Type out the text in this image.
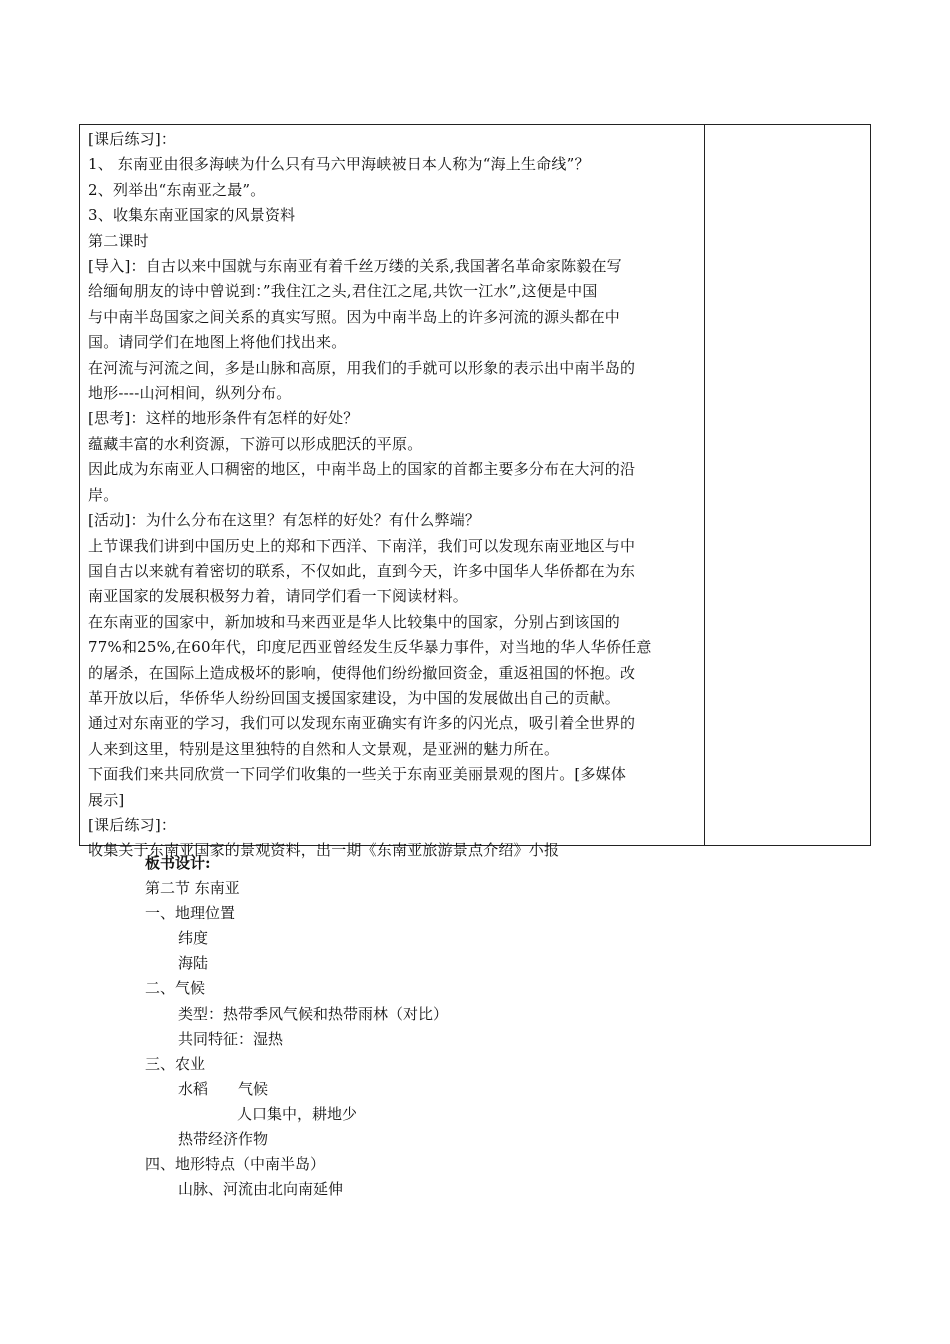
[课后练习]：

1、 东南亚由很多海峡为什么只有马六甲海峡被日本人称为“海上生命线”？

2、列举出“东南亚之最”。

3、收集东南亚国家的风景资料

第二课时

[导入]：自古以来中国就与东南亚有着千丝万缕的关系,我国著名革命家陈毅在写

给缅甸朋友的诗中曾说到：”我住江之头,君住江之尾,共饮一江水”,这便是中国

与中南半岛国家之间关系的真实写照。因为中南半岛上的许多河流的源头都在中

国。请同学们在地图上将他们找出来。

在河流与河流之间，多是山脉和高原，用我们的手就可以形象的表示出中南半岛的

地形----山河相间，纵列分布。

[思考]：这样的地形条件有怎样的好处？

蕴藏丰富的水利资源，下游可以形成肥沃的平原。

因此成为东南亚人口稠密的地区，中南半岛上的国家的首都主要多分布在大河的沿

岸。

[活动]：为什么分布在这里？有怎样的好处？有什么弊端？

上节课我们讲到中国历史上的郑和下西洋、下南洋，我们可以发现东南亚地区与中

国自古以来就有着密切的联系，不仅如此，直到今天，许多中国华人华侨都在为东

南亚国家的发展积极努力着，请同学们看一下阅读材料。

在东南亚的国家中，新加坡和马来西亚是华人比较集中的国家，分别占到该国的

77%和25%,在60年代，印度尼西亚曾经发生反华暴力事件，对当地的华人华侨任意

的屠杀，在国际上造成极坏的影响，使得他们纷纷撤回资金，重返祖国的怀抱。改

革开放以后，华侨华人纷纷回国支援国家建设，为中国的发展做出自己的贡献。

通过对东南亚的学习，我们可以发现东南亚确实有许多的闪光点，吸引着全世界的

人来到这里，特别是这里独特的自然和人文景观，是亚洲的魅力所在。

下面我们来共同欣赏一下同学们收集的一些关于东南亚美丽景观的图片。[多媒体

展示]

[课后练习]：

收集关于东南亚国家的景观资料，出一期《东南亚旅游景点介绍》小报

板书设计:

第二节 东南亚

一、地理位置

纬度

海陆

二、气候

类型：热带季风气候和热带雨林（对比）

共同特征：湿热

三、农业

水稻 气候

人口集中，耕地少

热带经济作物

四、地形特点（中南半岛）

山脉、河流由北向南延伸
